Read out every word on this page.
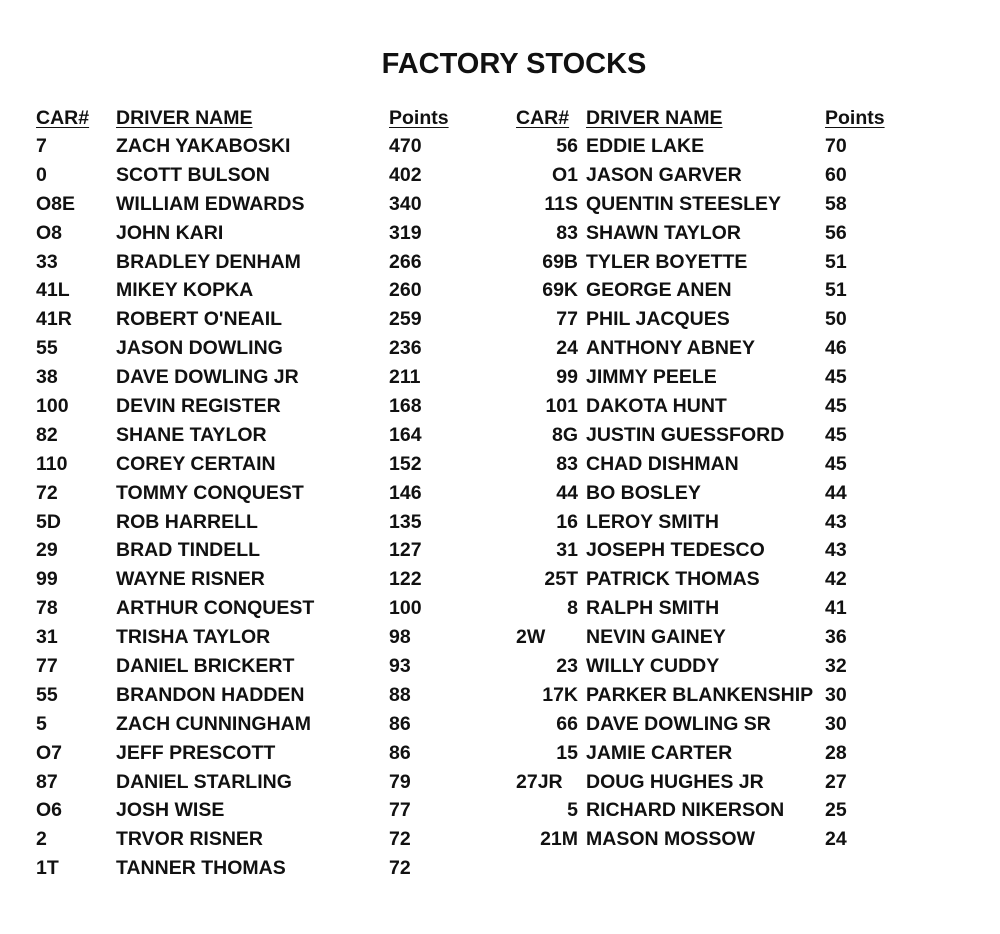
FACTORY STOCKS
CAR#	DRIVER NAME	Points
7	ZACH YAKABOSKI	470
0	SCOTT BULSON	402
O8E	WILLIAM EDWARDS	340
O8	JOHN KARI	319
33	BRADLEY DENHAM	266
41L	MIKEY KOPKA	260
41R	ROBERT O'NEAIL	259
55	JASON DOWLING	236
38	DAVE DOWLING JR	211
100	DEVIN REGISTER	168
82	SHANE TAYLOR	164
110	COREY CERTAIN	152
72	TOMMY CONQUEST	146
5D	ROB HARRELL	135
29	BRAD TINDELL	127
99	WAYNE RISNER	122
78	ARTHUR CONQUEST	100
31	TRISHA TAYLOR	98
77	DANIEL BRICKERT	93
55	BRANDON HADDEN	88
5	ZACH CUNNINGHAM	86
O7	JEFF PRESCOTT	86
87	DANIEL STARLING	79
O6	JOSH WISE	77
2	TRVOR RISNER	72
1T	TANNER THOMAS	72
CAR# DRIVER NAME	Points
56 EDDIE LAKE	70
O1 JASON GARVER	60
11S QUENTIN STEESLEY	58
83 SHAWN TAYLOR	56
69B TYLER BOYETTE	51
69K GEORGE ANEN	51
77 PHIL JACQUES	50
24 ANTHONY ABNEY	46
99 JIMMY PEELE	45
101 DAKOTA HUNT	45
8G JUSTIN GUESSFORD	45
83 CHAD DISHMAN	45
44 BO BOSLEY	44
16 LEROY SMITH	43
31 JOSEPH TEDESCO	43
25T PATRICK THOMAS	42
8 RALPH SMITH	41
2W	NEVIN GAINEY	36
23 WILLY CUDDY	32
17K PARKER BLANKENSHIP 30
66 DAVE DOWLING SR	30
15 JAMIE CARTER	28
27JR	DOUG HUGHES JR	27
5 RICHARD NIKERSON	25
21M MASON MOSSOW	24
